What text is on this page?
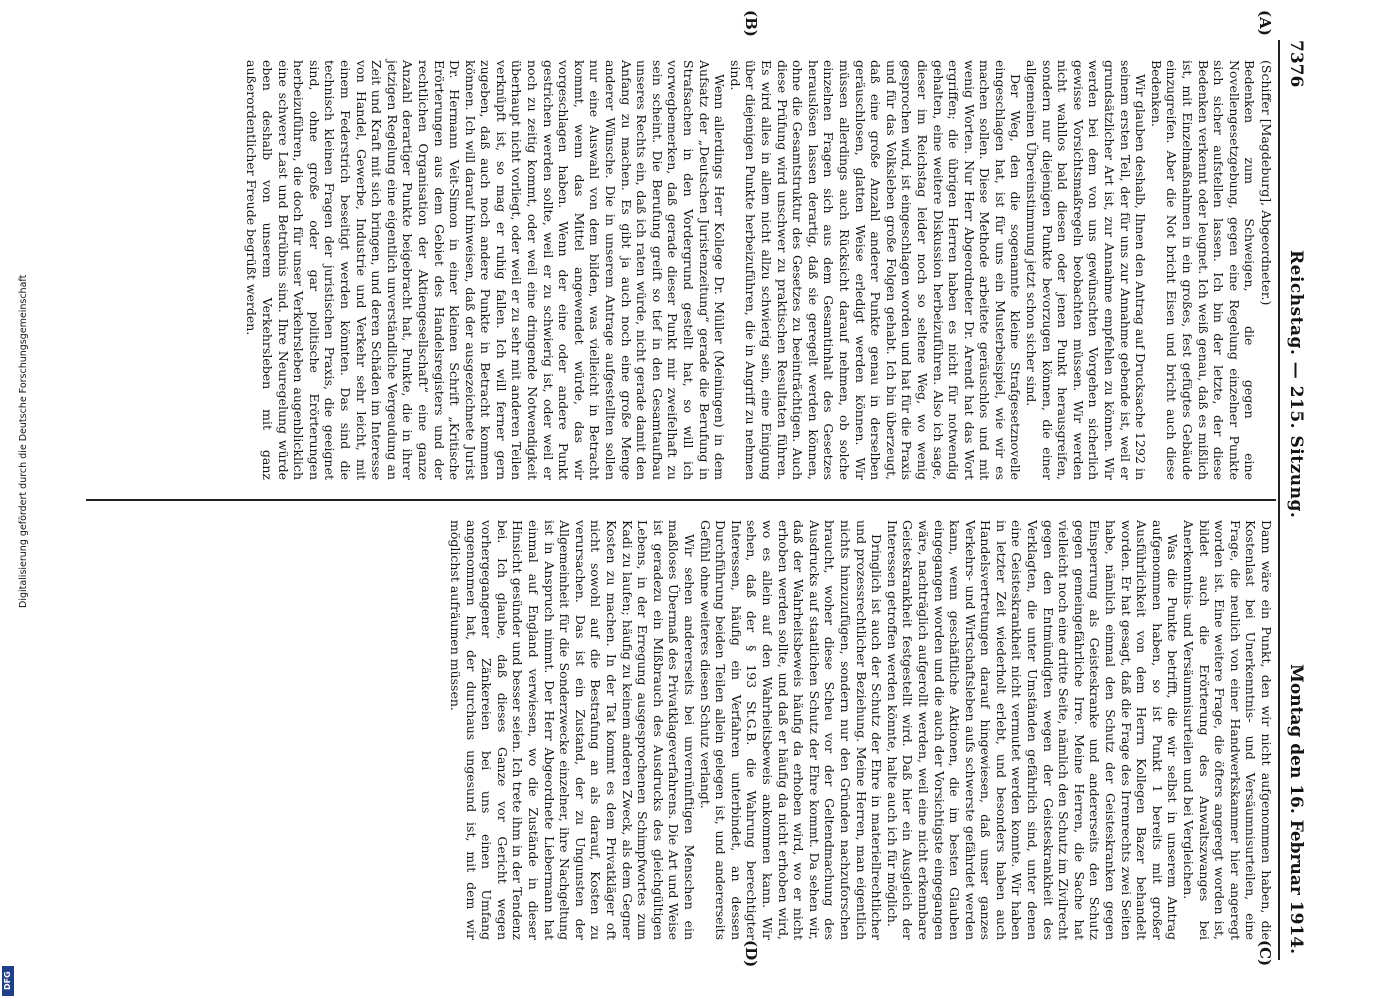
Digitalisierung gefördert durch die Deutsche Forschungsgemeinschaft
DFG
7376
Reichstag. — 215. Sitzung.
Montag den 16. Februar 1914.
(A)
(B)
(C)
(D)
(Schiffer [Magdeburg], Abgeordneter.)

Bedenken zum Schweigen, die gegen eine Novellengesetzgebung, gegen eine Regelung einzelner Punkte sich sicher aufstellen lassen. Ich bin der letzte, der diese Bedenken verkennt oder leugnet. Ich weiß genau, daß es mißlich ist, mit Einzelmaßnahmen in ein großes, fest gefügtes Gebäude einzugreifen. Aber die Not bricht Eisen und bricht auch diese Bedenken.

Wir glauben deshalb, Ihnen den Antrag auf Drucksache 1292 in seinem ersten Teil, der für uns zur Annahme gebende ist, weil er grundsätzlicher Art ist, zur Annahme empfehlen zu können. Wir werden bei dem von uns gewünschten Vorgehen sicherlich gewisse Vorsichtsmaßregeln beobachten müssen. Wir werden nicht wahllos bald diesen oder jenen Punkt herausgreifen, sondern nur diejenigen Punkte bevorzugen können, die einer allgemeinen Übereinstimmung jetzt schon sicher sind.

Der Weg, den die sogenannte kleine Strafgesetznovelle eingeschlagen hat, ist für uns ein Musterbeispiel, wie wir es machen sollen. Diese Methode arbeitete geräuschlos und mit wenig Worten. Nur Herr Abgeordneter Dr. Arendt hat das Wort ergriffen; die übrigen Herren haben es nicht für notwendig gehalten, eine weitere Diskussion herbeizuführen. Also ich sage, dieser im Reichstag leider noch so seltene Weg, wo wenig gesprochen wird, ist eingeschlagen worden und hat für die Praxis und für das Volksleben große Folgen gehabt. Ich bin überzeugt, daß eine große Anzahl anderer Punkte genau in derselben geräuschlosen, glatten Weise erledigt werden können. Wir müssen allerdings auch Rücksicht darauf nehmen, ob solche einzelnen Fragen sich aus dem Gesamtinhalt des Gesetzes herauslösen lassen derartig, daß sie geregelt werden können, ohne die Gesamtstruktur des Gesetzes zu beeinträchtigen. Auch diese Prüfung wird unschwer zu praktischen Resultaten führen. Es wird alles in allem nicht allzu schwierig sein, eine Einigung über diejenigen Punkte herbeizuführen, die in Angriff zu nehmen sind.

Wenn allerdings Herr Kollege Dr. Müller (Meiningen) in dem Aufsatz der „Deutschen Juristenzeitung“ gerade die Berufung in Strafsachen in den Vordergrund gestellt hat, so will ich vorwegbemerken, daß gerade dieser Punkt mir zweifelhaft zu sein scheint. Die Berufung greift so tief in den Gesamtaufbau unseres Rechts ein, daß ich raten würde, nicht gerade damit den Anfang zu machen. Es gibt ja auch noch eine große Menge anderer Wünsche. Die in unserem Antrage aufgestellten sollen nur eine Auswahl von dem bilden, was vielleicht in Betracht kommt, wenn das Mittel angewendet würde, das wir vorgeschlagen haben. Wenn der eine oder andere Punkt gestrichen werden sollte, weil er zu schwierig ist, oder weil er noch zu zeitig kommt, oder weil eine dringende Notwendigkeit überhaupt nicht vorliegt, oder weil er zu sehr mit anderen Teilen verknüpft ist, so mag er ruhig fallen. Ich will ferner gern zugeben, daß auch noch andere Punkte in Betracht kommen können. Ich will darauf hinweisen, daß der ausgezeichnete Jurist Dr. Hermann Veit-Simon in einer kleinen Schrift „Kritische Erörterungen aus dem Gebiet des Handelsregisters und der rechtlichen Organisation der Aktiengesellschaft“ eine ganze Anzahl derartiger Punkte beigebracht hat, Punkte, die in ihrer jetzigen Regelung eine eigentlich unverständliche Vergeudung an Zeit und Kraft mit sich bringen, und deren Schäden im Interesse von Handel, Gewerbe, Industrie und Verkehr sehr leicht, mit einem Federstrich beseitigt werden könnten. Das sind die technisch kleinen Fragen der juristischen Praxis, die geeignet sind, ohne große oder gar politische Erörterungen herbeizuführen, die doch für unser Verkehrsleben augenblicklich eine schwere Last und Betrübnis sind. Ihre Neuregelung würde eben deshalb von unserem Verkehrsleben mit ganz außerordentlicher Freude begrüßt werden.

Dann wäre ein Punkt, den wir nicht aufgenommen haben, die Kostenlast bei Unerkenntnis- und Versäumnisurteilen, eine Frage, die neulich von einer Handwerkskammer hier angeregt worden ist. Eine weitere Frage, die öfters angeregt worden ist, bildet auch die Erörterung des Anwaltszwanges bei Anerkenntnis- und Versäumnisurteilen und bei Vergleichen.

Was die Punkte betrifft, die wir selbst in unserem Antrag aufgenommen haben, so ist Punkt 1 bereits mit großer Ausführlichkeit von dem Herrn Kollegen Bazer behandelt worden. Er hat gesagt, daß die Frage des Irrenrechts zwei Seiten habe, nämlich einmal den Schutz der Geisteskranken gegen Einsperrung als Geisteskranke und andererseits den Schutz gegen gemeingefährliche Irre. Meine Herren, die Sache hat vielleicht noch eine dritte Seite, nämlich den Schutz im Zivilrecht gegen den Entmündigten wegen der Geisteskrankheit des Verklagten, die unter Umständen gefährlich sind, unter denen eine Geisteskrankheit nicht vermutet werden konnte. Wir haben in letzter Zeit wiederholt erlebt, und besonders haben auch Handelsvertretungen darauf hingewiesen, daß unser ganzes Verkehrs- und Wirtschaftsleben aufs schwerste gefährdet werden kann, wenn geschäftliche Aktionen, die im besten Glauben eingegangen worden und die auch der Vorsichtigste eingegangen wäre, nachträglich aufgerollt werden, weil eine nicht erkennbare Geisteskrankheit festgestellt wird. Daß hier ein Ausgleich der Interessen getroffen werden könnte, halte auch ich für möglich.

Dringlich ist auch der Schutz der Ehre in materiellrechtlicher und prozessrechtlicher Beziehung. Meine Herren, man eigentlich nichts hinzuzufügen, sondern nur den Gründen nachzuforschen braucht, woher diese Scheu vor der Geltendmachung des Ausdrucks auf staatlichen Schutz der Ehre kommt. Da sehen wir, daß der Wahrheitsbeweis häufig da erhoben wird, wo er nicht erhoben werden sollte, und daß er häufig da nicht erhoben wird, wo es allein auf den Wahrheitsbeweis ankommen kann. Wir sehen, daß der § 193 St.G.B. die Wahrung berechtigter Interessen, häufig ein Verfahren unterbindet, an dessen Durchführung beiden Teilen allein gelegen ist, und andererseits Gefühl ohne weiteres diesen Schutz verlangt.

Wir sehen andererseits bei unvernünftigen Menschen ein maßloses Übermaß des Privatklageverfahrens. Die Art und Weise ist geradezu ein Mißbrauch des Ausdrucks des gleichgültigen Lebens, in der Erregung ausgesprochenen Schimpfwortes zum Kadi zu laufen; häufig zu keinem anderen Zweck, als dem Gegner Kosten zu machen. In der Tat kommt es dem Privatkläger oft nicht sowohl auf die Bestrafung an als darauf, Kosten zu verursachen. Das ist ein Zustand, der zu Ungunsten der Allgemeinheit für die Sonderzwecke einzelner, ihre Nachgeltung ist in Anspruch nimmt. Der Herr Abgeordnete Liebermann hat einmal auf England verwiesen, wo die Zustände in dieser Hinsicht gesünder und besser seien. Ich trete ihm in der Tendenz bei. Ich glaube, daß dieses Ganze vor Gericht wegen vorhergegangener Zänkereien bei uns einen Umfang angenommen hat, der durchaus ungesund ist, mit dem wir möglichst aufräumen müssen.
